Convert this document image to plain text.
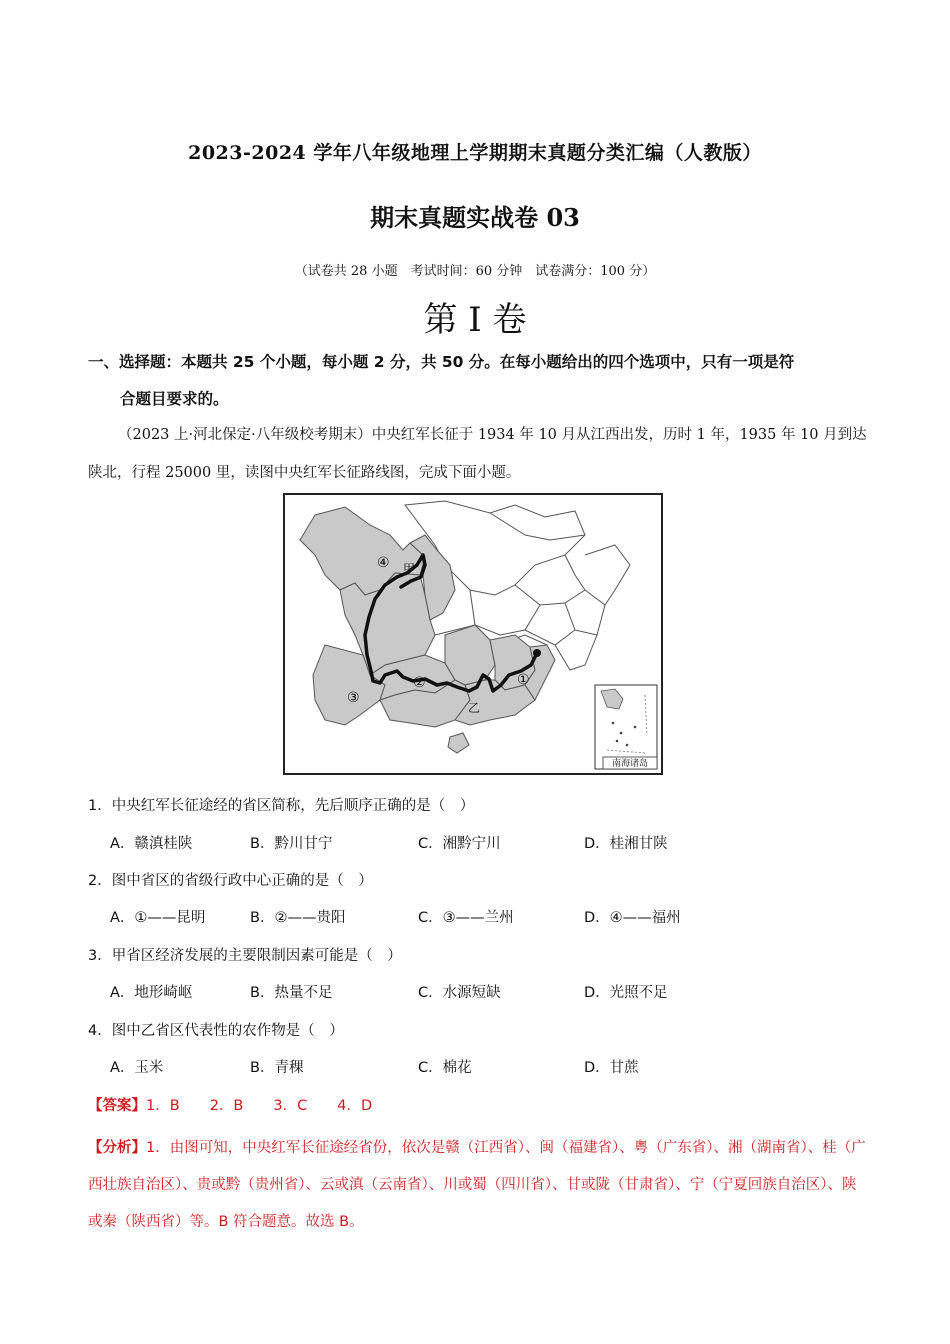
2023-2024 学年八年级地理上学期期末真题分类汇编（人教版）
期末真题实战卷 03
（试卷共 28 小题　考试时间：60 分钟　试卷满分：100 分）
第 I 卷
一、选择题：本题共 25 个小题，每小题 2 分，共 50 分。在每小题给出的四个选项中，只有一项是符
合题目要求的。
（2023 上·河北保定·八年级校考期末）中央红军长征于 1934 年 10 月从江西出发，历时 1 年，1935 年 10 月到达陕北，行程 25000 里，读图中央红军长征路线图，完成下面小题。
南海诸岛
甲
乙
①
②
③
④
1．中央红军长征途经的省区简称，先后顺序正确的是（　）
A．赣滇桂陕	B．黔川甘宁	C．湘黔宁川	D．桂湘甘陕
2．图中省区的省级行政中心正确的是（　）
A．①——昆明	B．②——贵阳	C．③——兰州	D．④——福州
3．甲省区经济发展的主要限制因素可能是（　）
A．地形崎岖	B．热量不足	C．水源短缺	D．光照不足
4．图中乙省区代表性的农作物是（　）
A．玉米	B．青稞	C．棉花	D．甘蔗
【答案】1．B 2．B 3．C 4．D
【分析】1．由图可知，中央红军长征途经省份，依次是赣（江西省）、闽（福建省）、粤（广东省）、湘（湖南省）、桂（广西壮族自治区）、贵或黔（贵州省）、云或滇（云南省）、川或蜀（四川省）、甘或陇（甘肃省）、宁（宁夏回族自治区）、陕或秦（陕西省）等。B 符合题意。故选 B。
